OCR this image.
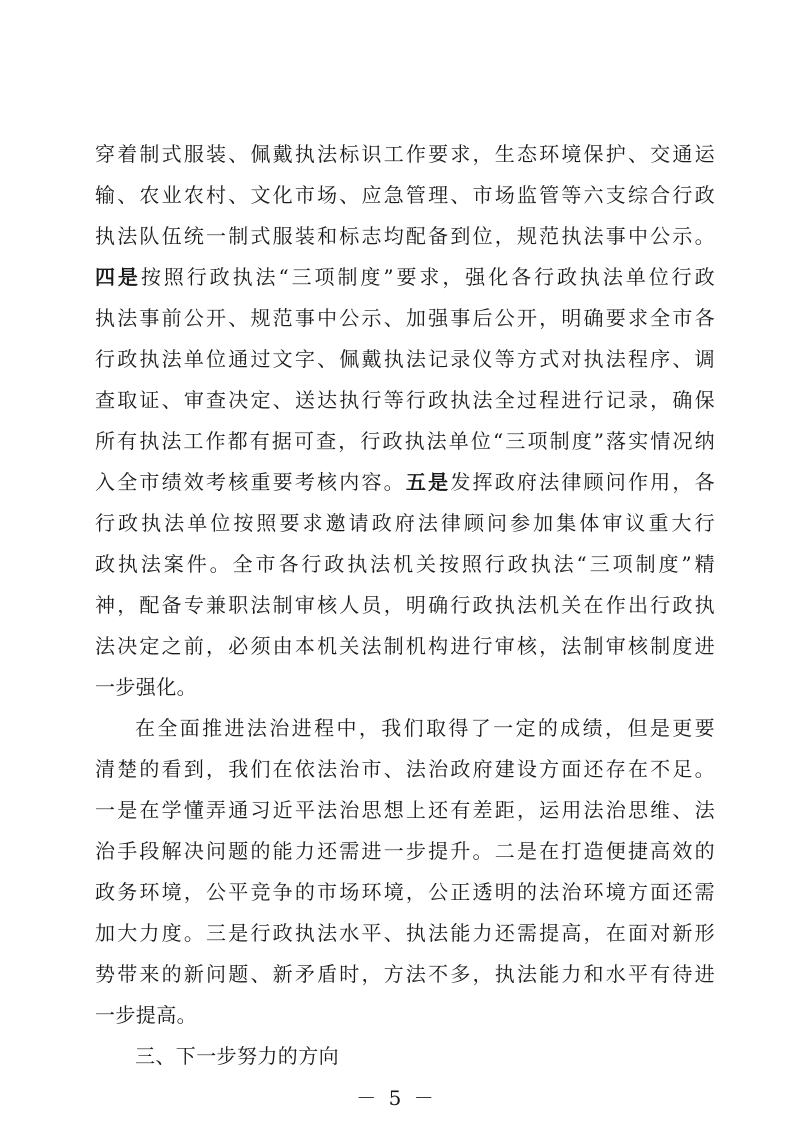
穿着制式服装、佩戴执法标识工作要求，生态环境保护、交通运
输、农业农村、文化市场、应急管理、市场监管等六支综合行政
执法队伍统一制式服装和标志均配备到位，规范执法事中公示。
四是按照行政执法“三项制度”要求，强化各行政执法单位行政
执法事前公开、规范事中公示、加强事后公开，明确要求全市各
行政执法单位通过文字、佩戴执法记录仪等方式对执法程序、调
查取证、审查决定、送达执行等行政执法全过程进行记录，确保
所有执法工作都有据可查，行政执法单位“三项制度”落实情况纳
入全市绩效考核重要考核内容。五是发挥政府法律顾问作用，各
行政执法单位按照要求邀请政府法律顾问参加集体审议重大行
政执法案件。全市各行政执法机关按照行政执法“三项制度”精
神，配备专兼职法制审核人员，明确行政执法机关在作出行政执
法决定之前，必须由本机关法制机构进行审核，法制审核制度进
一步强化。
在全面推进法治进程中，我们取得了一定的成绩，但是更要
清楚的看到，我们在依法治市、法治政府建设方面还存在不足。
一是在学懂弄通习近平法治思想上还有差距，运用法治思维、法
治手段解决问题的能力还需进一步提升。二是在打造便捷高效的
政务环境，公平竞争的市场环境，公正透明的法治环境方面还需
加大力度。三是行政执法水平、执法能力还需提高，在面对新形
势带来的新问题、新矛盾时，方法不多，执法能力和水平有待进
一步提高。
三、下一步努力的方向
－ 5 －
